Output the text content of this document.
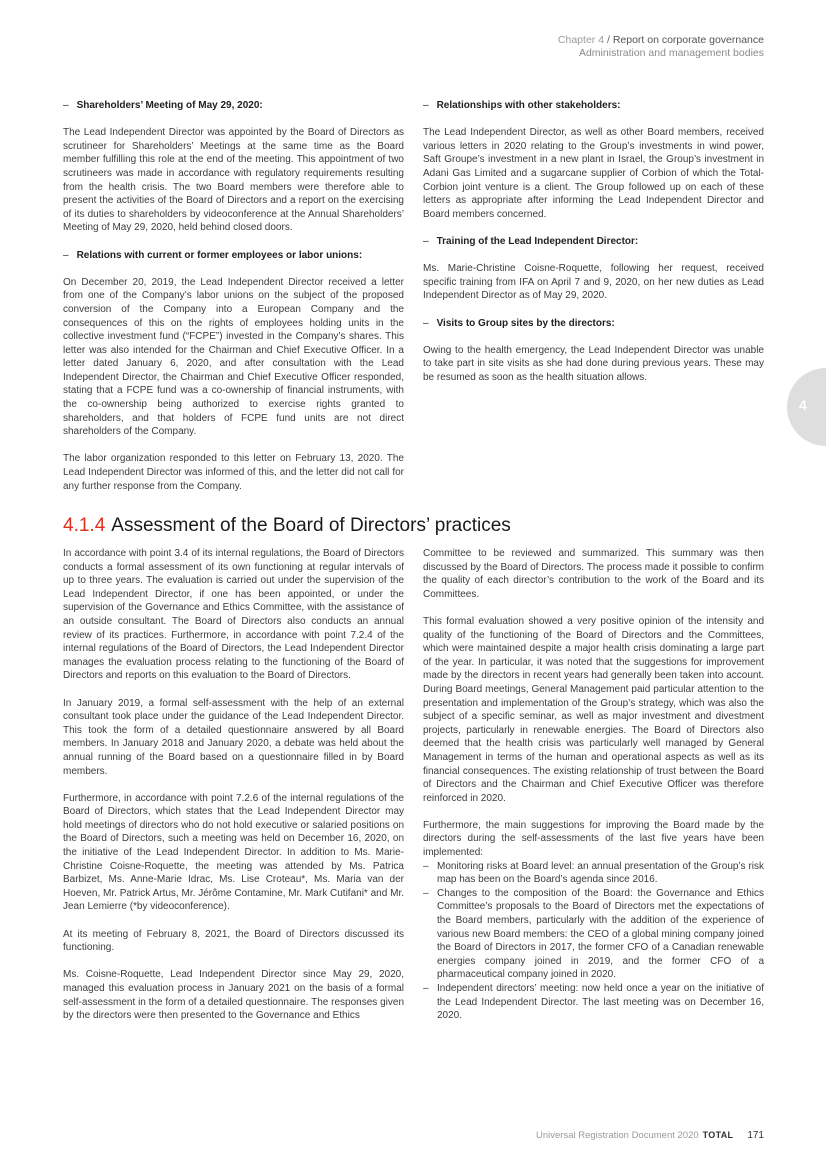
Chapter 4 / Report on corporate governance
Administration and management bodies
4
– Shareholders’ Meeting of May 29, 2020:

The Lead Independent Director was appointed by the Board of Directors as scrutineer for Shareholders’ Meetings at the same time as the Board member fulfilling this role at the end of the meeting. This appointment of two scrutineers was made in accordance with regulatory requirements resulting from the health crisis. The two Board members were therefore able to present the activities of the Board of Directors and a report on the exercising of its duties to shareholders by videoconference at the Annual Shareholders’ Meeting of May 29, 2020, held behind closed doors.

– Relations with current or former employees or labor unions:

On December 20, 2019, the Lead Independent Director received a letter from one of the Company’s labor unions on the subject of the proposed conversion of the Company into a European Company and the consequences of this on the rights of employees holding units in the collective investment fund (“FCPE”) invested in the Company’s shares. This letter was also intended for the Chairman and Chief Executive Officer. In a letter dated January 6, 2020, and after consultation with the Lead Independent Director, the Chairman and Chief Executive Officer responded, stating that a FCPE fund was a co-ownership of financial instruments, with the co-ownership being authorized to exercise rights granted to shareholders, and that holders of FCPE fund units are not direct shareholders of the Company.

The labor organization responded to this letter on February 13, 2020. The Lead Independent Director was informed of this, and the letter did not call for any further response from the Company.

– Relationships with other stakeholders:

The Lead Independent Director, as well as other Board members, received various letters in 2020 relating to the Group’s investments in wind power, Saft Groupe’s investment in a new plant in Israel, the Group’s investment in Adani Gas Limited and a sugarcane supplier of Corbion of which the Total-Corbion joint venture is a client. The Group followed up on each of these letters as appropriate after informing the Lead Independent Director and Board members concerned.

– Training of the Lead Independent Director:

Ms. Marie-Christine Coisne-Roquette, following her request, received specific training from IFA on April 7 and 9, 2020, on her new duties as Lead Independent Director as of May 29, 2020.

– Visits to Group sites by the directors:

Owing to the health emergency, the Lead Independent Director was unable to take part in site visits as she had done during previous years. These may be resumed as soon as the health situation allows.

4.1.4 Assessment of the Board of Directors’ practices

In accordance with point 3.4 of its internal regulations, the Board of Directors conducts a formal assessment of its own functioning at regular intervals of up to three years. The evaluation is carried out under the supervision of the Lead Independent Director, if one has been appointed, or under the supervision of the Governance and Ethics Committee, with the assistance of an outside consultant. The Board of Directors also conducts an annual review of its practices. Furthermore, in accordance with point 7.2.4 of the internal regulations of the Board of Directors, the Lead Independent Director manages the evaluation process relating to the functioning of the Board of Directors and reports on this evaluation to the Board of Directors.

In January 2019, a formal self-assessment with the help of an external consultant took place under the guidance of the Lead Independent Director. This took the form of a detailed questionnaire answered by all Board members. In January 2018 and January 2020, a debate was held about the annual running of the Board based on a questionnaire filled in by Board members.

Furthermore, in accordance with point 7.2.6 of the internal regulations of the Board of Directors, which states that the Lead Independent Director may hold meetings of directors who do not hold executive or salaried positions on the Board of Directors, such a meeting was held on December 16, 2020, on the initiative of the Lead Independent Director. In addition to Ms. Marie-Christine Coisne-Roquette, the meeting was attended by Ms. Patrica Barbizet, Ms. Anne-Marie Idrac, Ms. Lise Croteau*, Ms. Maria van der Hoeven, Mr. Patrick Artus, Mr. Jérôme Contamine, Mr. Mark Cutifani* and Mr. Jean Lemierre (*by videoconference).

At its meeting of February 8, 2021, the Board of Directors discussed its functioning.

Ms. Coisne-Roquette, Lead Independent Director since May 29, 2020, managed this evaluation process in January 2021 on the basis of a formal self-assessment in the form of a detailed questionnaire. The responses given by the directors were then presented to the Governance and Ethics

Committee to be reviewed and summarized. This summary was then discussed by the Board of Directors. The process made it possible to confirm the quality of each director’s contribution to the work of the Board and its Committees.

This formal evaluation showed a very positive opinion of the intensity and quality of the functioning of the Board of Directors and the Committees, which were maintained despite a major health crisis dominating a large part of the year. In particular, it was noted that the suggestions for improvement made by the directors in recent years had generally been taken into account. During Board meetings, General Management paid particular attention to the presentation and implementation of the Group’s strategy, which was also the subject of a specific seminar, as well as major investment and divestment projects, particularly in renewable energies. The Board of Directors also deemed that the health crisis was particularly well managed by General Management in terms of the human and operational aspects as well as its financial consequences. The existing relationship of trust between the Board of Directors and the Chairman and Chief Executive Officer was therefore reinforced in 2020.

Furthermore, the main suggestions for improving the Board made by the directors during the self-assessments of the last five years have been implemented:

– Monitoring risks at Board level: an annual presentation of the Group’s risk map has been on the Board’s agenda since 2016.
– Changes to the composition of the Board: the Governance and Ethics Committee’s proposals to the Board of Directors met the expectations of the Board members, particularly with the addition of the experience of various new Board members: the CEO of a global mining company joined the Board of Directors in 2017, the former CFO of a Canadian renewable energies company joined in 2019, and the former CFO of a pharmaceutical company joined in 2020.
– Independent directors’ meeting: now held once a year on the initiative of the Lead Independent Director. The last meeting was on December 16, 2020.
Universal Registration Document 2020 TOTAL 171
